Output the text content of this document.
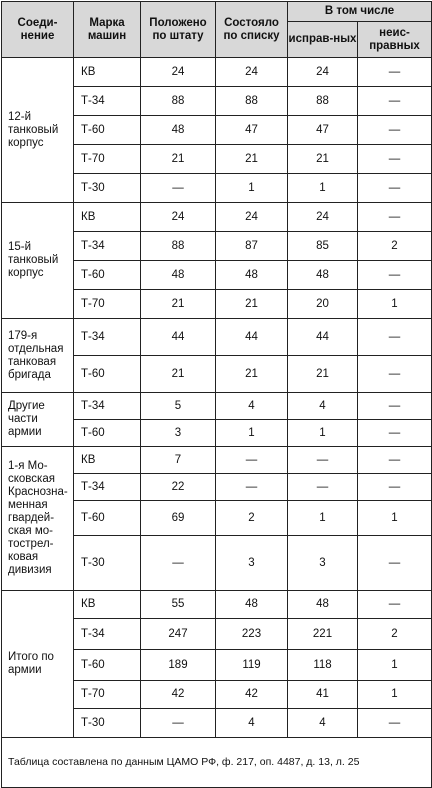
Соеди-нение	Марка машин	Положено по штату	Состояло по списку	В том числе	

				исправ-ных	неис-правных

12-й танковый корпус	КВ	24	24	24	—
	Т-34	88	88	88	—
	Т-60	48	47	47	—
	Т-70	21	21	21	—
	Т-30	—	1	1	—
15-й танковый корпус	КВ	24	24	24	—
	Т-34	88	87	85	2
	Т-60	48	48	48	—
	Т-70	21	21	20	1
179-я отдельная танковая бригада	Т-34	44	44	44	—
	Т-60	21	21	21	—
Другие части армии	Т-34	5	4	4	—
	Т-60	3	1	1	—
1-я Мо-сковская Краснозна-менная гвардей-ская мо-тострел-ковая дивизия	КВ	7	—	—	—
	Т-34	22	—	—	—
	Т-60	69	2	1	1
	Т-30	—	3	3	—
Итого по армии	КВ	55	48	48	—
	Т-34	247	223	221	2
	Т-60	189	119	118	1
	Т-70	42	42	41	1
	Т-30	—	4	4	—
Таблица составлена по данным ЦАМО РФ, ф. 217, оп. 4487, д. 13, л. 25					
